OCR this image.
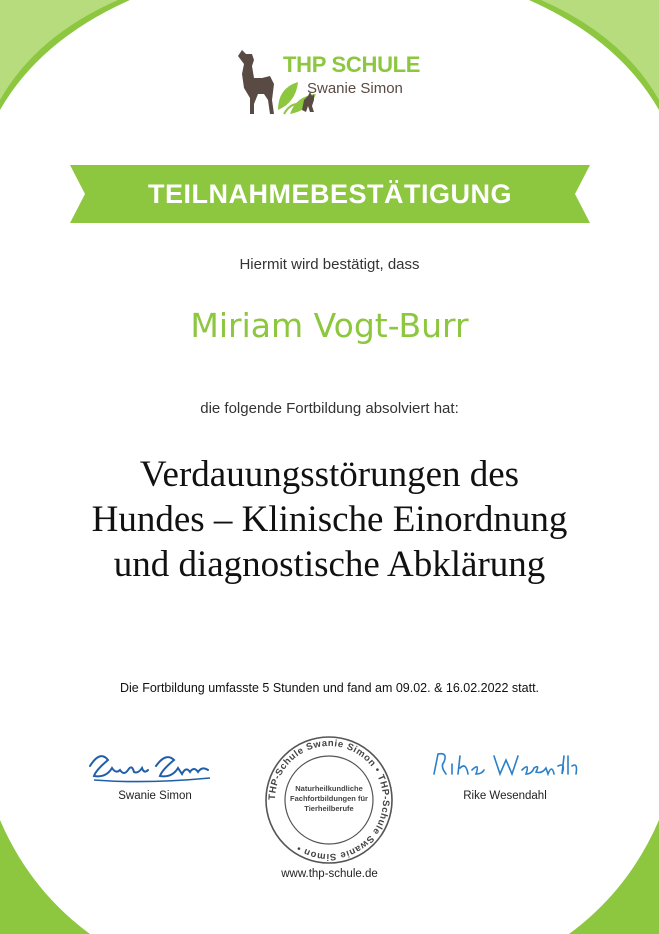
THP SCHULE
Swanie Simon
TEILNAHMEBESTÄTIGUNG
Hiermit wird bestätigt, dass
Miriam Vogt-Burr
die folgende Fortbildung absolviert hat:
Verdauungsstörungen des Hundes – Klinische Einordnung und diagnostische Abklärung
Die Fortbildung umfasste 5 Stunden und fand am 09.02. & 16.02.2022 statt.
Swanie Simon	Rike Wesendahl
THP-Schule Swanie Simon • THP-Schule Swanie Simon •
Naturheilkundliche
Fachfortbildungen für
Tierheilberufe
www.thp-schule.de
